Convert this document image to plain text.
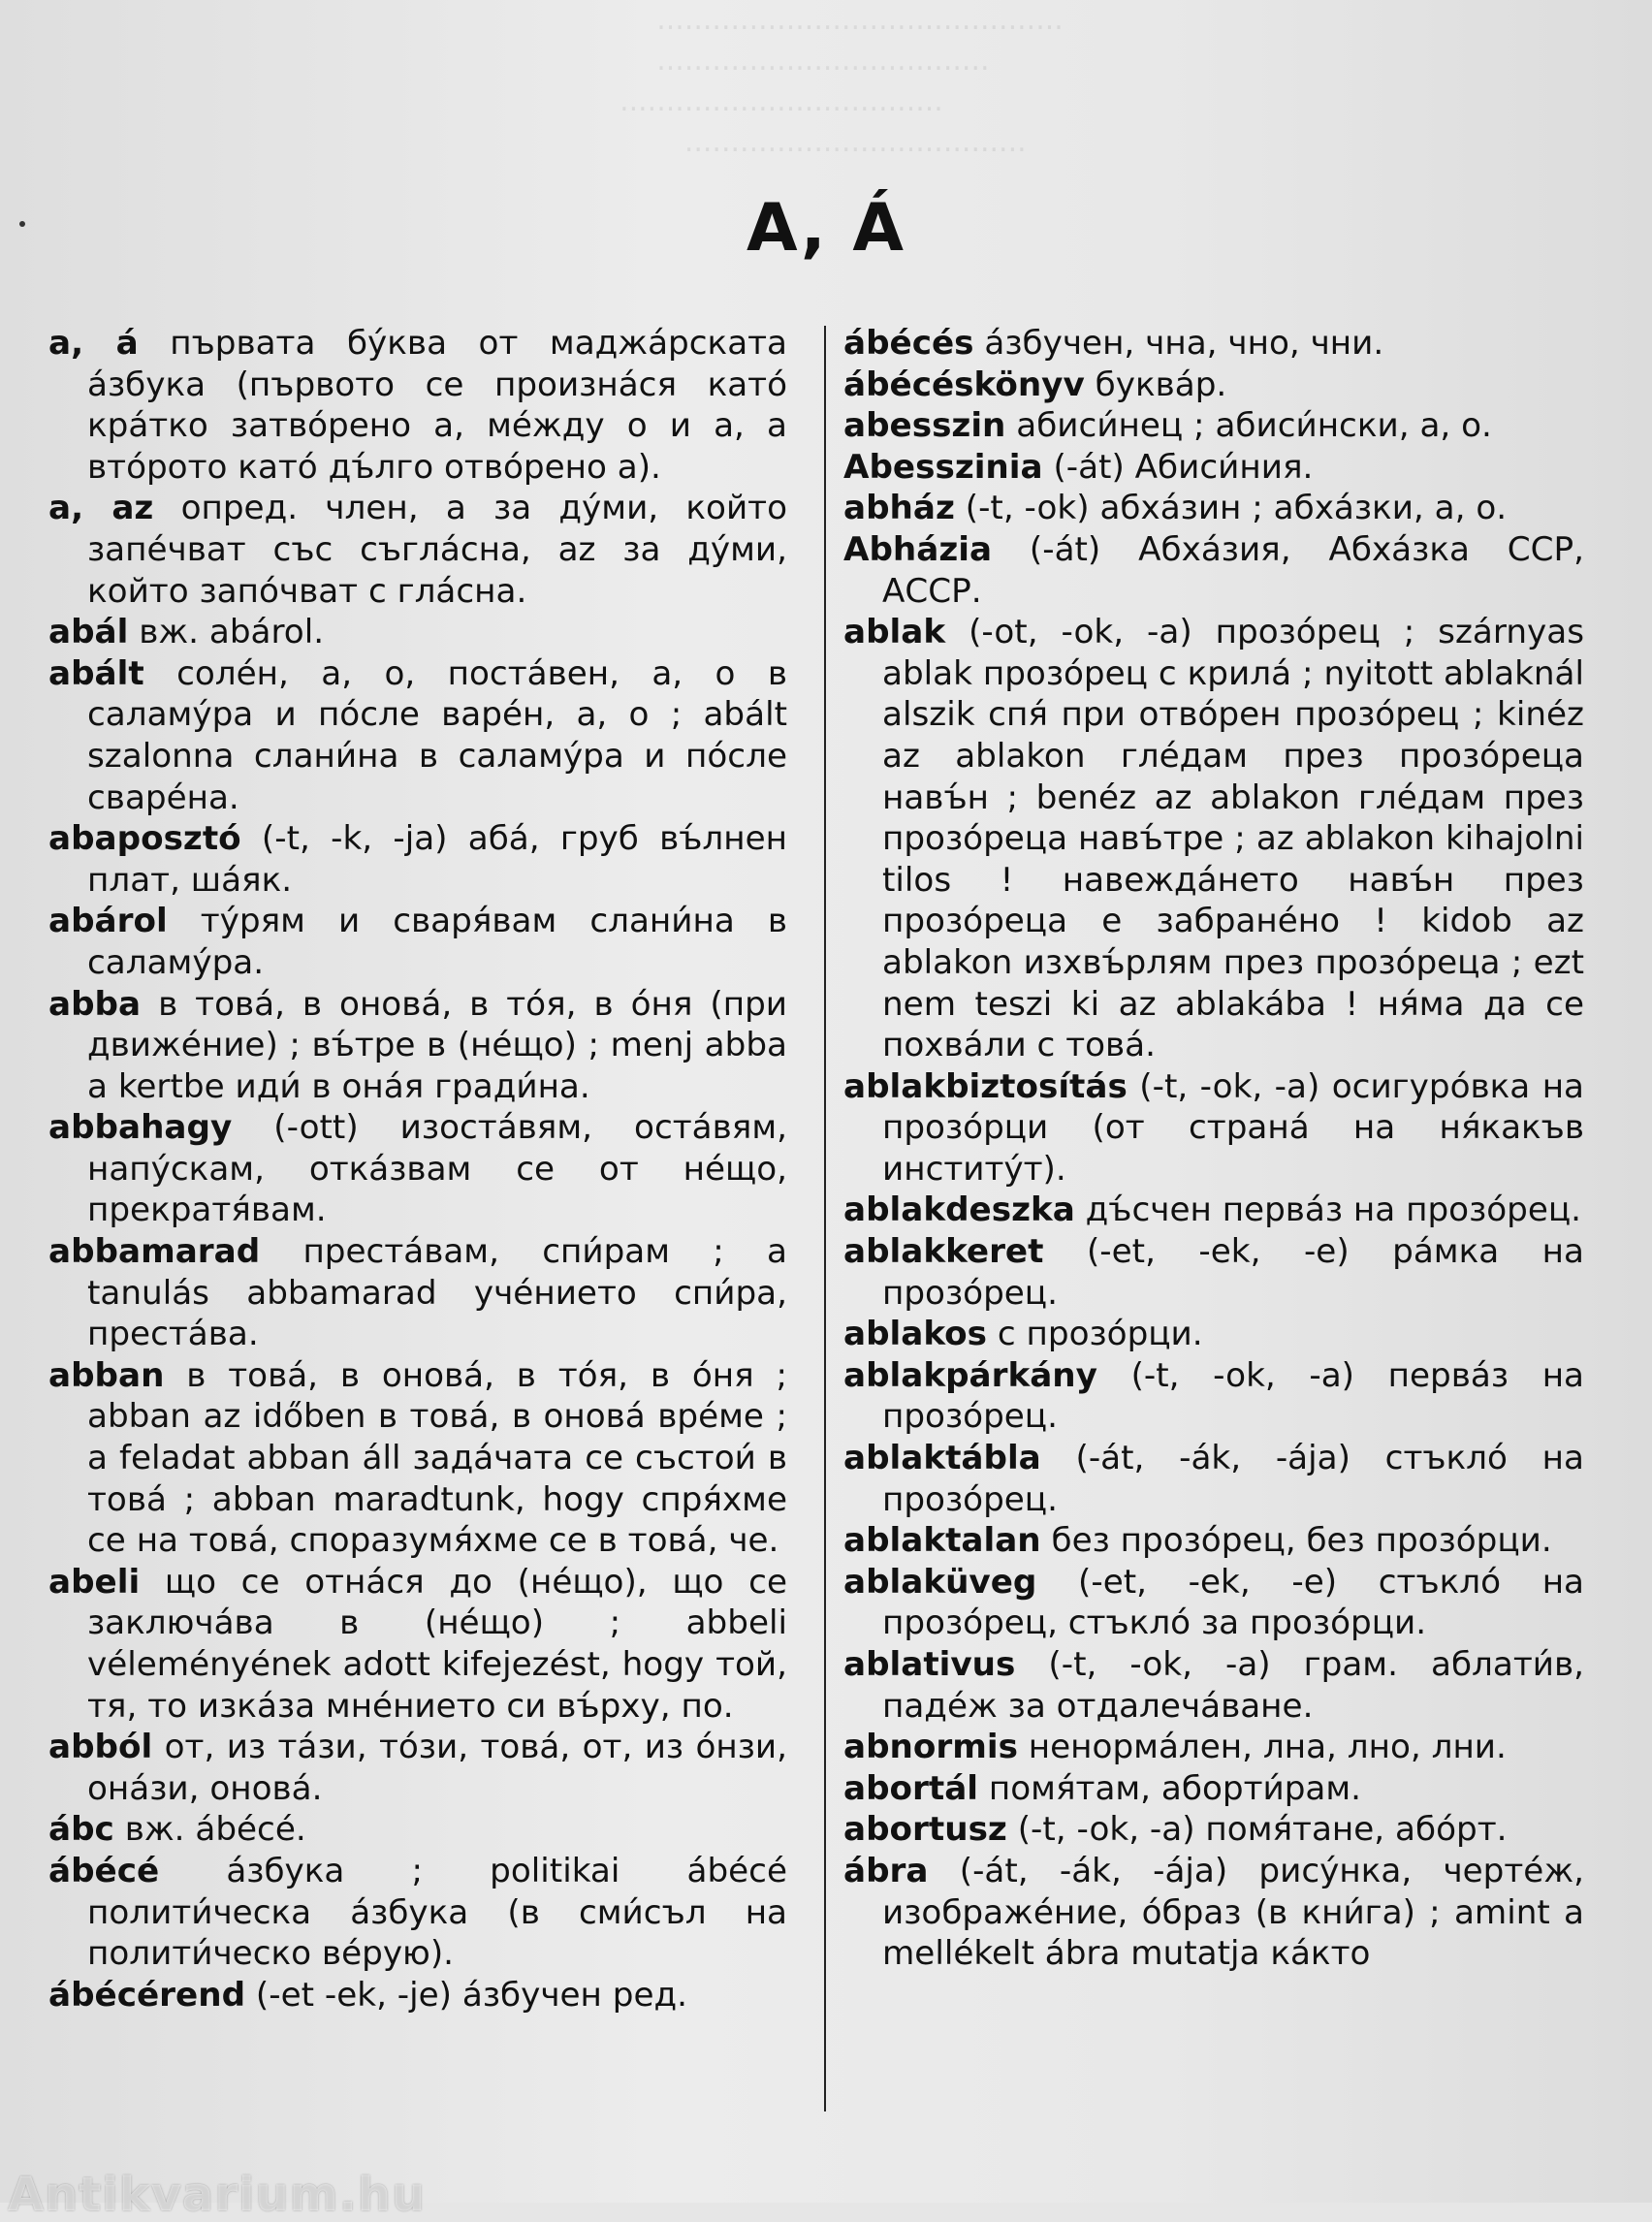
............................................
....................................
...................................
.....................................
A, Á

a, á първата бу́ква от маджа́рската а́збука (първото се произна́ся като́ кра́тко затво́рено a, ме́жду о и а, а вто́рото като́ дъ́лго отво́рено а).

a, az опред. член, a за ду́ми, който запе́чват със съгла́сна, az за ду́ми, който запо́чват с гла́сна.

abál вж. abárol.

abált соле́н, а, о, поста́вен, а, о в саламу́ра и по́сле варе́н, а, о ; abált szalonna слани́на в саламу́ра и по́сле сваре́на.

abaposztó (-t, -k, -ja) аба́, груб въ́лнен плат, ша́як.

abárol ту́рям и сваря́вам слани́на в саламу́ра.

abba в това́, в онова́, в то́я, в о́ня (при движе́ние) ; въ́тре в (не́що) ; menj abba a kertbe иди́ в она́я гради́на.

abbahagy (-ott) изоста́вям, оста́вям, напу́скам, отка́звам се от не́що, прекратя́вам.

abbamarad преста́вам, спи́рам ; a tanulás abbamarad уче́нието спи́ра, преста́ва.

abban в това́, в онова́, в то́я, в о́ня ; abban az időben в това́, в онова́ вре́ме ; a feladat abban áll зада́чата се състои́ в това́ ; abban maradtunk, hogy спря́хме се на това́, споразумя́хме се в това́, че.

abeli що се отна́ся до (не́що), що се заключа́ва в (не́що) ; abbeli véleményének adott kifejezést, hogy той, тя, то изка́за мне́нието си въ́рху, по.

abból от, из та́зи, то́зи, това́, от, из о́нзи, она́зи, онова́.

ábc вж. ábécé.

ábécé а́збука ; politikai ábécé полити́ческа а́збука (в сми́съл на полити́ческо ве́рую).

ábécérend (-et -ek, -je) а́збучен ред.

ábécés а́збучен, чна, чно, чни.

ábécéskönyv буква́р.

abesszin абиси́нец ; абиси́нски, а, о.

Abesszinia (-át) Абиси́ния.

abház (-t, -ok) абха́зин ; абха́зки, а, о.

Abházia (-át) Абха́зия, Абха́зка ССР, АССР.

ablak (-ot, -ok, -a) прозо́рец ; szárnyas ablak прозо́рец с крила́ ; nyitott ablaknál alszik спя́ при отво́рен прозо́рец ; kinéz az ablakon гле́дам през прозо́реца навъ́н ; benéz az ablakon гле́дам през прозо́реца навъ́тре ; az ablakon kihajolni tilos ! навежда́нето навъ́н през прозо́реца е забране́но ! kidob az ablakon изхвъ́рлям през прозо́реца ; ezt nem teszi ki az ablakába ! ня́ма да се похва́ли с това́.

ablakbiztosítás (-t, -ok, -a) осигуро́вка на прозо́рци (от страна́ на ня́какъв институ́т).

ablakdeszka дъ́счен перва́з на прозо́рец.

ablakkeret (-et, -ek, -e) ра́мка на прозо́рец.

ablakos с прозо́рци.

ablakpárkány (-t, -ok, -a) перва́з на прозо́рец.

ablaktábla (-át, -ák, -ája) стъкло́ на прозо́рец.

ablaktalan без прозо́рец, без прозо́рци.

ablaküveg (-et, -ek, -e) стъкло́ на прозо́рец, стъкло́ за прозо́рци.

ablativus (-t, -ok, -a) грам. аблати́в, паде́ж за отдалеча́ване.

abnormis ненорма́лен, лна, лно, лни.

abortál помя́там, аборти́рам.

abortusz (-t, -ok, -a) помя́тане, або́рт.

ábra (-át, -ák, -ája) рису́нка, черте́ж, изображе́ние, о́браз (в кни́га) ; amint a mellékelt ábra mutatja ка́кто

Antikvarium.hu
